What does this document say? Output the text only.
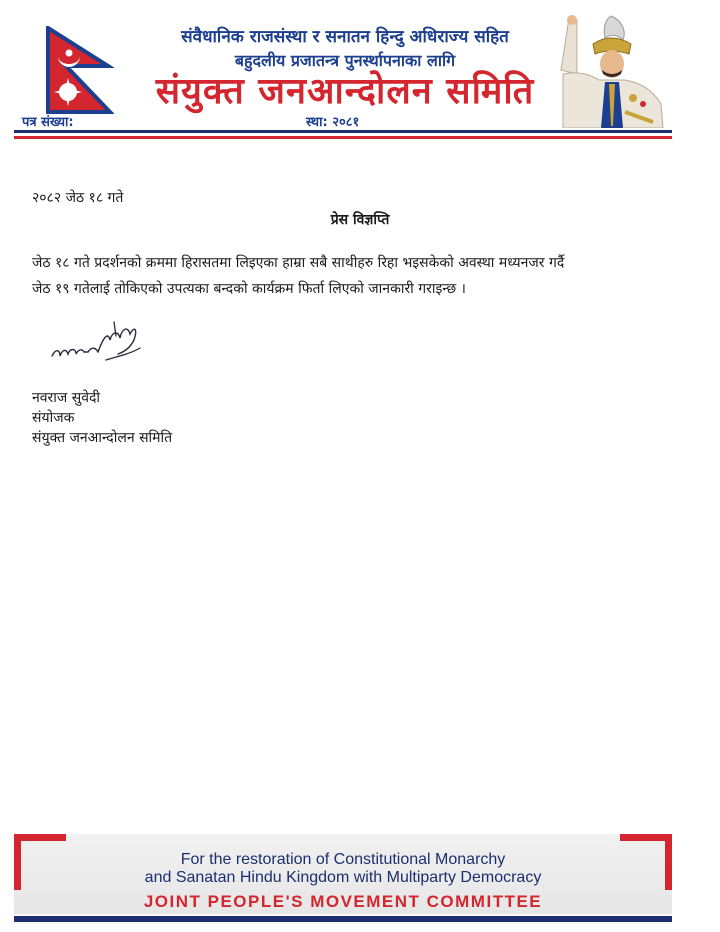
संवैधानिक राजसंस्था र सनातन हिन्दु अधिराज्य सहित
बहुदलीय प्रजातन्त्र पुनर्स्थापनाका लागि
संयुक्त जनआन्दोलन समिति
पत्र संख्या:	स्था: २०८१
२०८२ जेठ १८ गते
प्रेस विज्ञप्ति
जेठ १८ गते प्रदर्शनको क्रममा हिरासतमा लिइएका हाम्रा सबै साथीहरु रिहा भइसकेको अवस्था मध्यनजर गर्दै
जेठ १९ गतेलाई तोकिएको उपत्यका बन्दको कार्यक्रम फिर्ता लिएको जानकारी गराइन्छ ।
नवराज सुवेदी
संयोजक
संयुक्त जनआन्दोलन समिति
For the restoration of Constitutional Monarchy
and Sanatan Hindu Kingdom with Multiparty Democracy
JOINT PEOPLE'S MOVEMENT COMMITTEE
